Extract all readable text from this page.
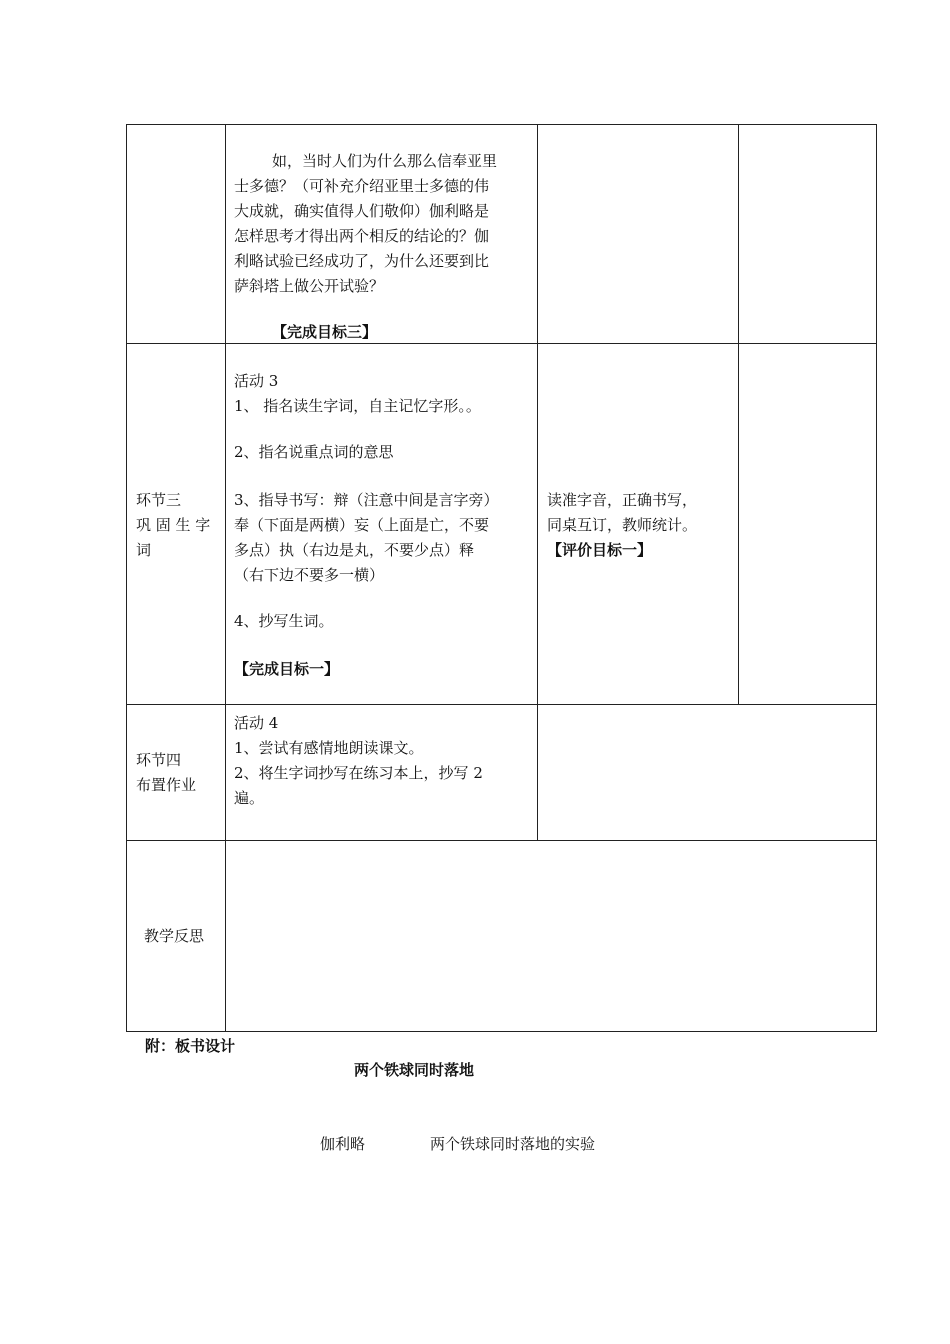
如，当时人们为什么那么信奉亚里
士多德？（可补充介绍亚里士多德的伟
大成就，确实值得人们敬仰）伽利略是
怎样思考才得出两个相反的结论的？伽
利略试验已经成功了，为什么还要到比
萨斜塔上做公开试验？
【完成目标三】
环节三
巩 固 生 字
词
活动 3
1、 指名读生字词，自主记忆字形。。
2、指名说重点词的意思
3、指导书写：辩（注意中间是言字旁）
奉（下面是两横）妄（上面是亡，不要
多点）执（右边是丸，不要少点）释
（右下边不要多一横）
4、抄写生词。
【完成目标一】
读准字音，正确书写，
同桌互订，教师统计。
【评价目标一】
环节四
布置作业
活动 4
1、尝试有感情地朗读课文。
2、将生字词抄写在练习本上，抄写 2
遍。
教学反思
附：板书设计
两个铁球同时落地
伽利略	两个铁球同时落地的实验
